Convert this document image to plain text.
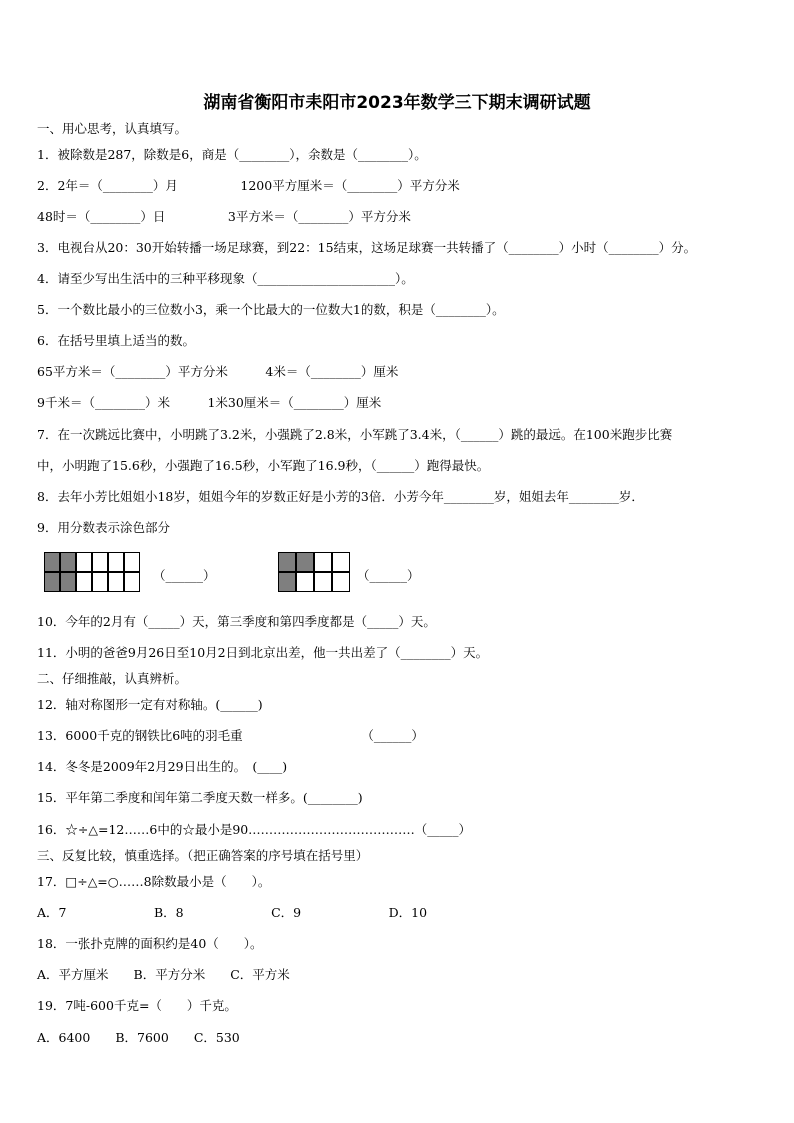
湖南省衡阳市耒阳市2023年数学三下期末调研试题
一、用心思考，认真填写。
1．被除数是287，除数是6，商是（________），余数是（________）。
2．2年＝（________）月　　　　　1200平方厘米＝（________）平方分米
48时＝（________）日　　　　　3平方米＝（________）平方分米
3．电视台从20：30开始转播一场足球赛，到22：15结束，这场足球赛一共转播了（________）小时（________）分。
4．请至少写出生活中的三种平移现象（______________________）。
5．一个数比最小的三位数小3，乘一个比最大的一位数大1的数，积是（________）。
6．在括号里填上适当的数。
65平方米＝（________）平方分米　　　4米＝（________）厘米
9千米＝（________）米　　　1米30厘米＝（________）厘米
7．在一次跳远比赛中，小明跳了3.2米，小强跳了2.8米，小军跳了3.4米，（______）跳的最远。在100米跑步比赛
中，小明跑了15.6秒，小强跑了16.5秒，小军跑了16.9秒，（______）跑得最快。
8．去年小芳比姐姐小18岁，姐姐今年的岁数正好是小芳的3倍．小芳今年________岁，姐姐去年________岁．
9．用分数表示涂色部分
（______）	（______）
10．今年的2月有（_____）天，第三季度和第四季度都是（_____）天。
11．小明的爸爸9月26日至10月2日到北京出差，他一共出差了（________）天。
二、仔细推敲，认真辨析。
12．轴对称图形一定有对称轴。(______)
13．6000千克的钢铁比6吨的羽毛重　　　　　　　　　　（______）
14．冬冬是2009年2月29日出生的。　(____)
15．平年第二季度和闰年第二季度天数一样多。(________)
16．☆÷△=12……6中的☆最小是90.…………………………………（_____）
三、反复比较，慎重选择。（把正确答案的序号填在括号里）
17．□÷△=○……8除数最小是（　　）。
A．7　　　　　　　B．8　　　　　　　C．9　　　　　　　D．10
18．一张扑克牌的面积约是40（　　）。
A．平方厘米　　B．平方分米　　C．平方米
19．7吨-600千克=（　　）千克。
A．6400　　B．7600　　C．530
